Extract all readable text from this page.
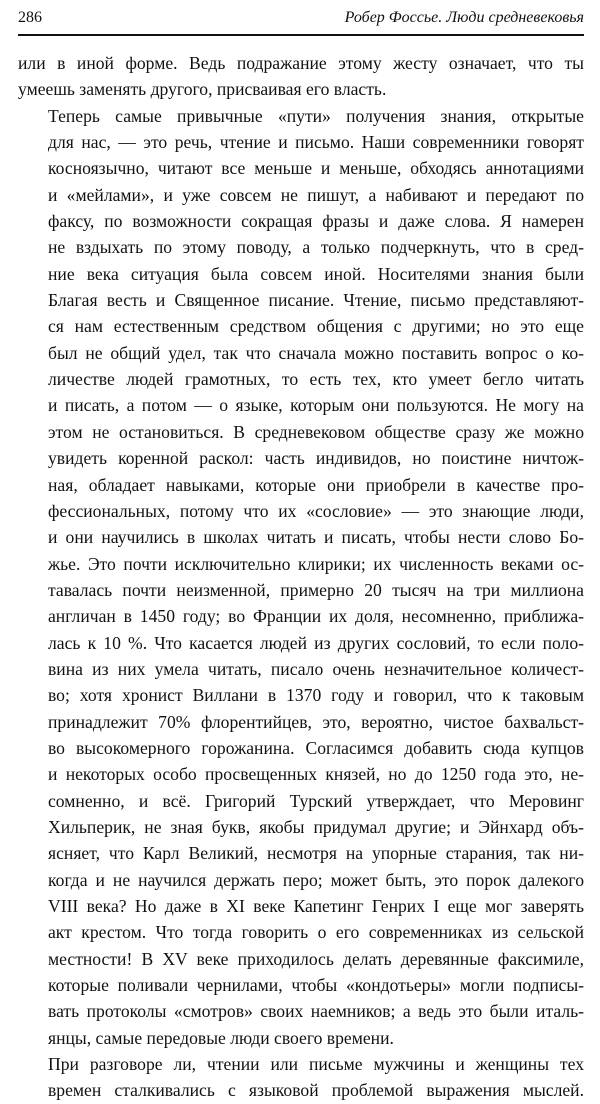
286	Робер Фоссье. Люди средневековья
или в иной форме. Ведь подражание этому жесту означает, что ты
умеешь заменять другого, присваивая его власть.
Теперь самые привычные «пути» получения знания, открытые
для нас, — это речь, чтение и письмо. Наши современники говорят
косноязычно, читают все меньше и меньше, обходясь аннотациями
и «мейлами», и уже совсем не пишут, а набивают и передают по
факсу, по возможности сокращая фразы и даже слова. Я намерен
не вздыхать по этому поводу, а только подчеркнуть, что в сред-
ние века ситуация была совсем иной. Носителями знания были
Благая весть и Священное писание. Чтение, письмо представляют-
ся нам естественным средством общения с другими; но это еще
был не общий удел, так что сначала можно поставить вопрос о ко-
личестве людей грамотных, то есть тех, кто умеет бегло читать
и писать, а потом — о языке, которым они пользуются. Не могу на
этом не остановиться. В средневековом обществе сразу же можно
увидеть коренной раскол: часть индивидов, но поистине ничтож-
ная, обладает навыками, которые они приобрели в качестве про-
фессиональных, потому что их «сословие» — это знающие люди,
и они научились в школах читать и писать, чтобы нести слово Бо-
жье. Это почти исключительно клирики; их численность веками ос-
тавалась почти неизменной, примерно 20 тысяч на три миллиона
англичан в 1450 году; во Франции их доля, несомненно, приближа-
лась к 10 %. Что касается людей из других сословий, то если поло-
вина из них умела читать, писало очень незначительное количест-
во; хотя хронист Виллани в 1370 году и говорил, что к таковым
принадлежит 70% флорентийцев, это, вероятно, чистое бахвальст-
во высокомерного горожанина. Согласимся добавить сюда купцов
и некоторых особо просвещенных князей, но до 1250 года это, не-
сомненно, и всё. Григорий Турский утверждает, что Меровинг
Хильперик, не зная букв, якобы придумал другие; и Эйнхард объ-
ясняет, что Карл Великий, несмотря на упорные старания, так ни-
когда и не научился держать перо; может быть, это порок далекого
VIII века? Но даже в XI веке Капетинг Генрих I еще мог заверять
акт крестом. Что тогда говорить о его современниках из сельской
местности! В XV веке приходилось делать деревянные факсимиле,
которые поливали чернилами, чтобы «кондотьеры» могли подписы-
вать протоколы «смотров» своих наемников; а ведь это были италь-
янцы, самые передовые люди своего времени.
При разговоре ли, чтении или письме мужчины и женщины тех
времен сталкивались с языковой проблемой выражения мыслей.
